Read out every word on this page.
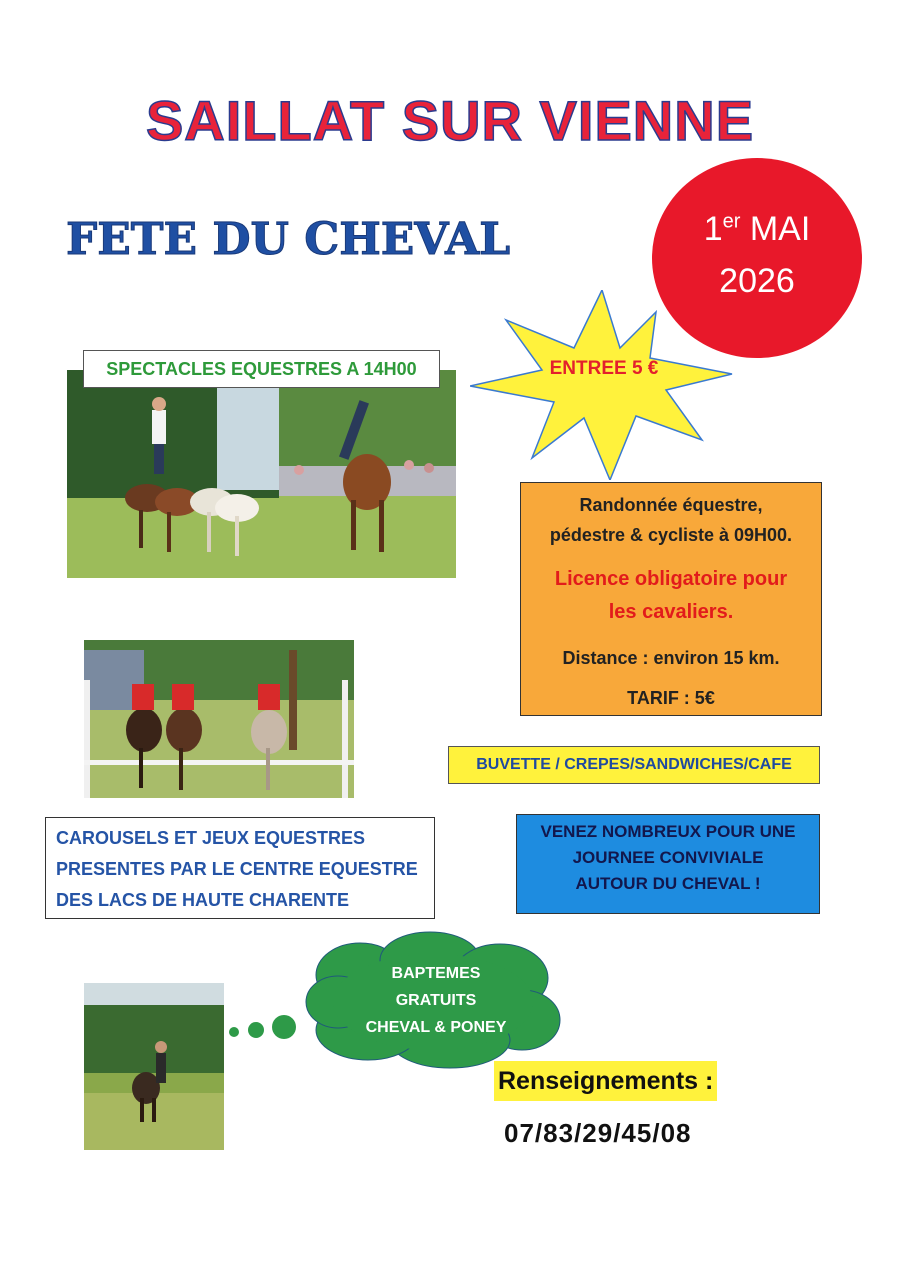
SAILLAT SUR VIENNE
FETE DU CHEVAL	1er MAI
2026
ENTREE 5 €
SPECTACLES EQUESTRES A 14H00
Randonnée équestre,
pédestre & cycliste à 09H00.
Licence obligatoire pour
les cavaliers.
Distance : environ 15 km.
TARIF : 5€
BUVETTE / CREPES/SANDWICHES/CAFE
VENEZ NOMBREUX POUR UNE
JOURNEE CONVIVIALE
AUTOUR DU CHEVAL !
CAROUSELS ET JEUX EQUESTRES
PRESENTES PAR LE CENTRE EQUESTRE
DES LACS DE HAUTE CHARENTE
BAPTEMES
GRATUITS
CHEVAL & PONEY
Renseignements :
07/83/29/45/08
